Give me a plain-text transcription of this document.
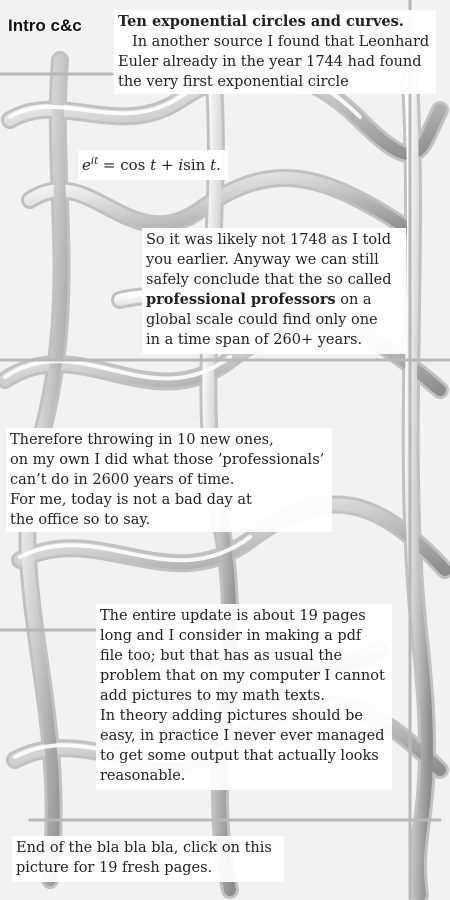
Intro c&c	Ten exponential circles and curves.
In another source I found that Leonhard
Euler already in the year 1744 had found
the very first exponential circle
$e^{it} = \cos t + isin$ t.
So it was likely not 1748 as I told
you earlier. Anyway we can still
safely conclude that the so called
professional professors on a
global scale could find only one
in a time span of 260+ years.
Therefore throwing in 10 new ones,
on my own I did what those ’professionals’
can’t do in 2600 years of time.
For me, today is not a bad day at
the office so to say.
The entire update is about 19 pages
long and I consider in making a pdf
file too; but that has as usual the
problem that on my computer I cannot
add pictures to my math texts.
In theory adding pictures should be
easy, in practice I never ever managed
to get some output that actually looks
reasonable.
End of the bla bla bla, click on this
picture for 19 fresh pages.
